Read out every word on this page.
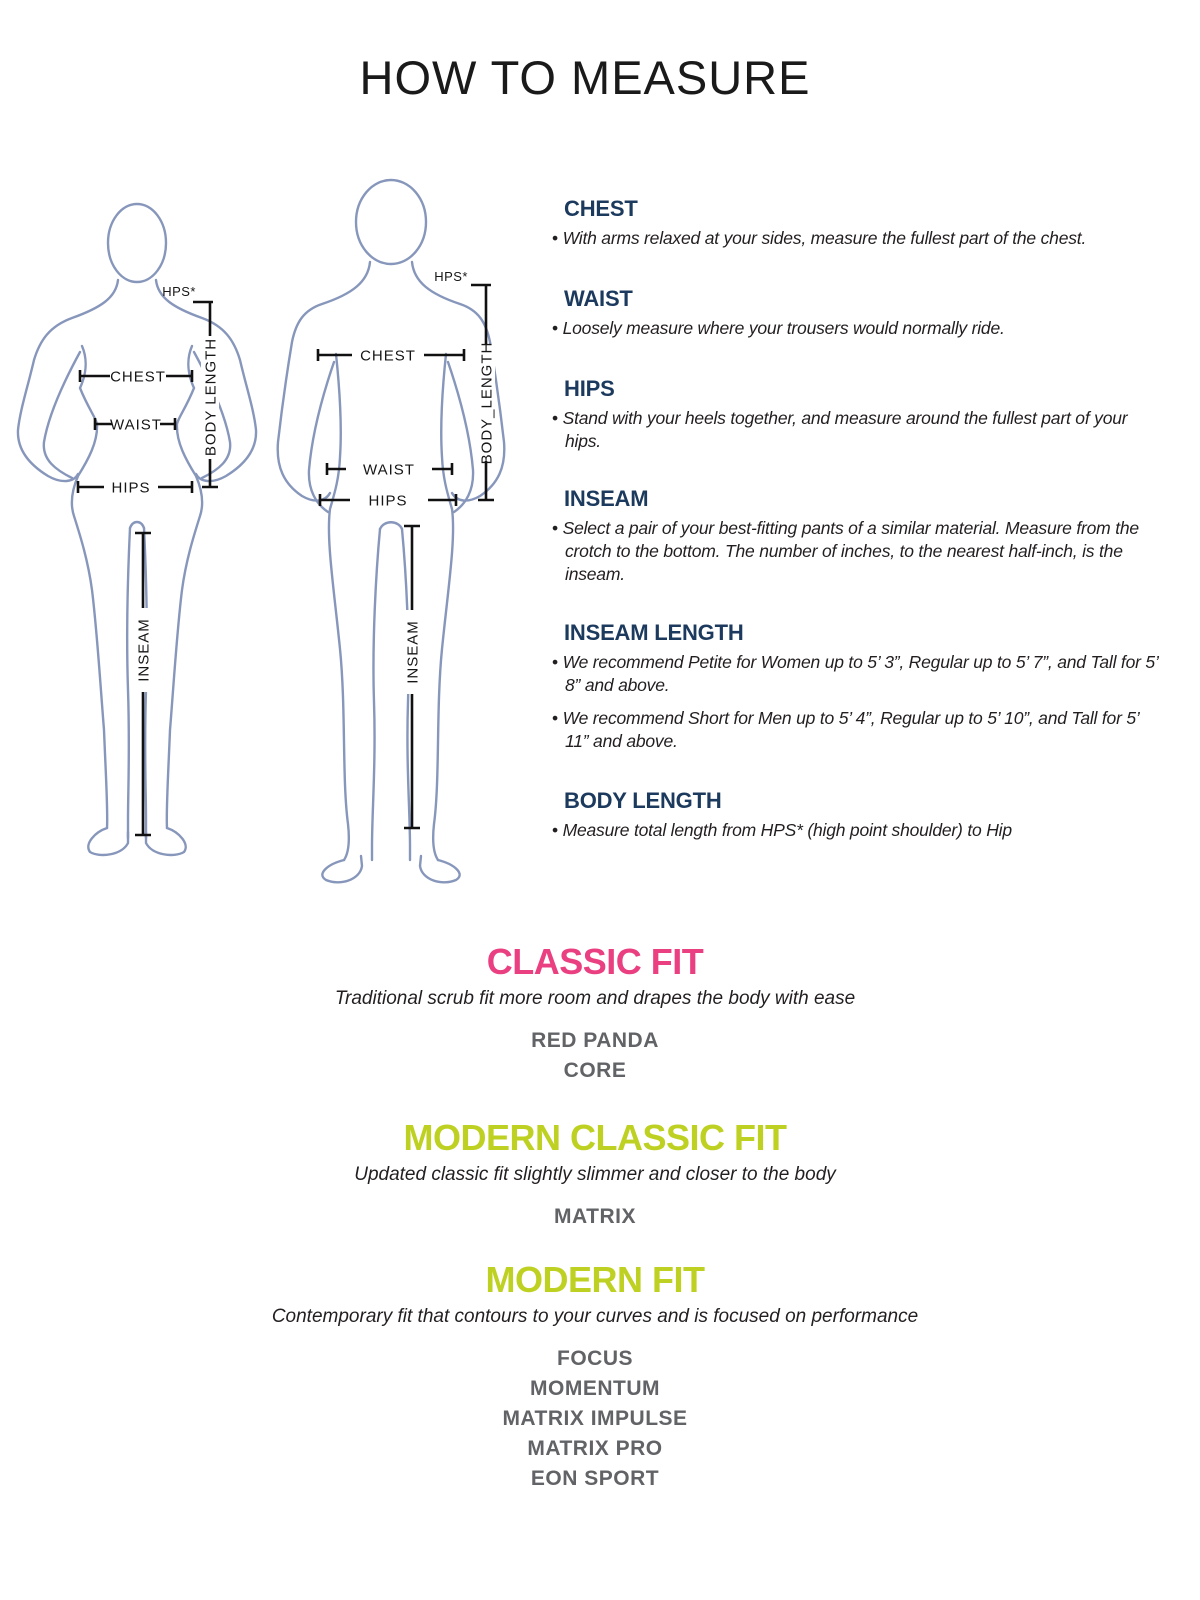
HOW TO MEASURE
HPS*
CHEST
WAIST
HIPS
BODY LENGTH
INSEAM
HPS*
CHEST
WAIST
HIPS
BODY_LENGTH
INSEAM
CHEST
• With arms relaxed at your sides, measure the fullest part of the chest.
WAIST
• Loosely measure where your trousers would normally ride.
HIPS
• Stand with your heels together, and measure around the fullest part of your hips.
INSEAM
• Select a pair of your best-fitting pants of a similar material. Measure from the crotch to the bottom. The number of inches, to the nearest half-inch, is the inseam.
INSEAM LENGTH
• We recommend Petite for Women up to 5’ 3”, Regular up to 5’ 7”, and Tall for 5’ 8” and above.
• We recommend Short for Men up to 5’ 4”, Regular up to 5’ 10”, and Tall for 5’ 11” and above.
BODY LENGTH
• Measure total length from HPS* (high point shoulder) to Hip
CLASSIC FIT
Traditional scrub fit more room and drapes the body with ease
RED PANDA
CORE
MODERN CLASSIC FIT
Updated classic fit slightly slimmer and closer to the body
MATRIX
MODERN FIT
Contemporary fit that contours to your curves and is focused on performance
FOCUS
MOMENTUM
MATRIX IMPULSE
MATRIX PRO
EON SPORT
